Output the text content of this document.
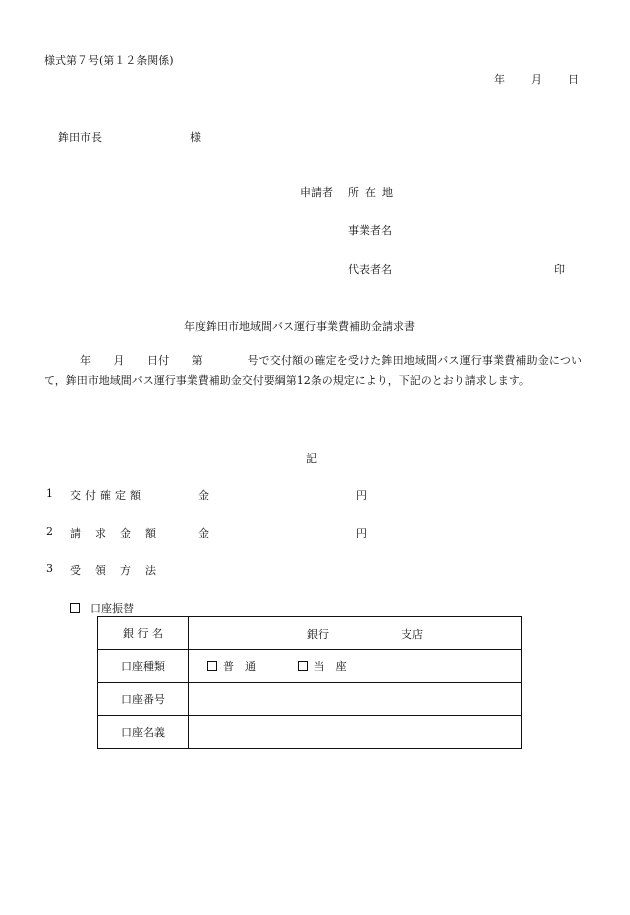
様式第７号(第１２条関係)
年 月 日
鉾田市長	様
申請者 所在地
事業者名
代表者名	印
年度鉾田市地域間バス運行事業費補助金請求書
年　　月　　日付　　第　　　　号で交付額の確定を受けた鉾田地域間バス運行事業費補助金について，鉾田市地域間バス運行事業費補助金交付要綱第12条の規定により，下記のとおり請求します。
記
1 交付確定額	金	円
2 請求金額	金	円
3 受領方法
口座振替
銀 行 名	銀行 支店

口座種類	普　通 当　座
口座番号	
口座名義	
